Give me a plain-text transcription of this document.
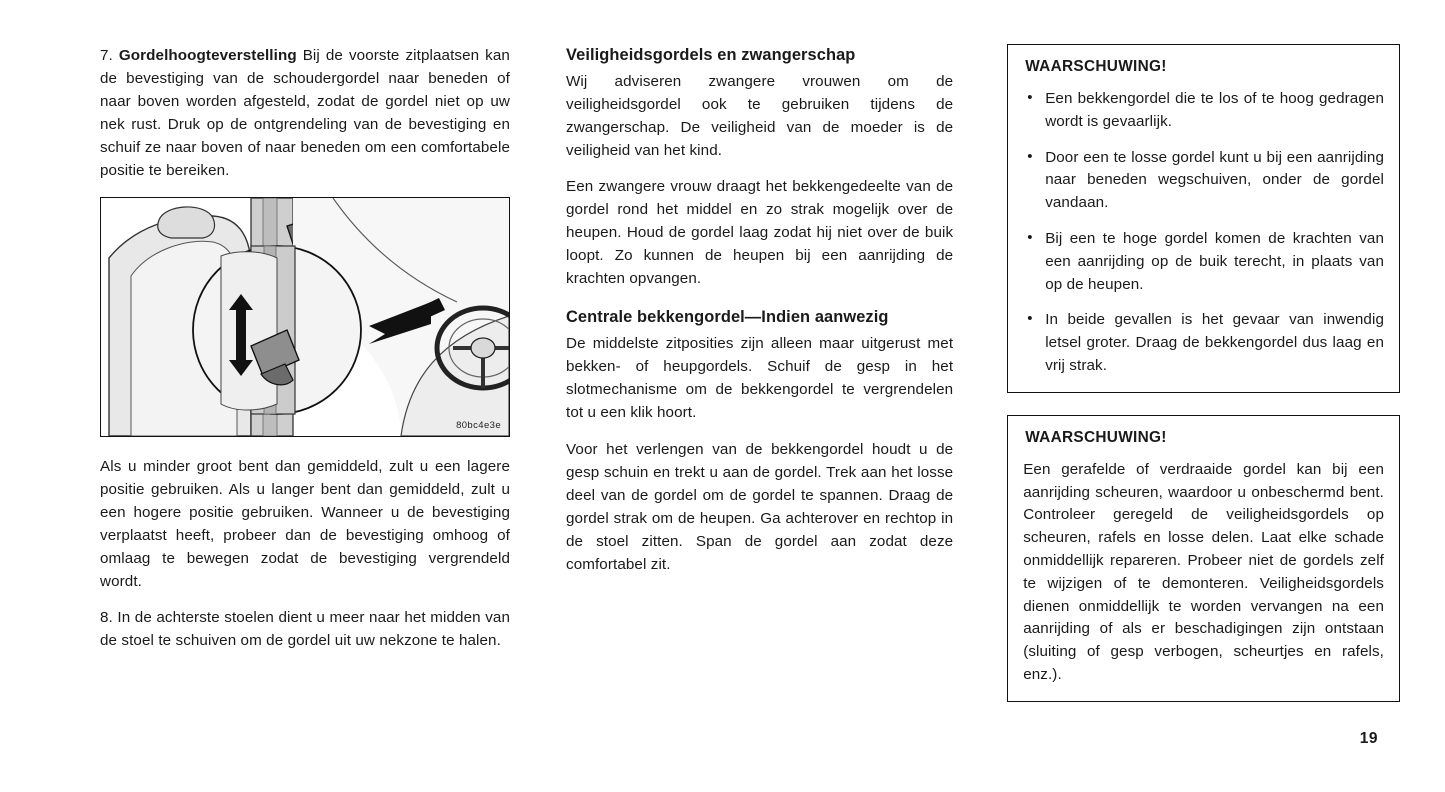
7. Gordelhoogteverstelling Bij de voorste zitplaatsen kan de bevestiging van de schoudergordel naar beneden of naar boven worden afgesteld, zodat de gordel niet op uw nek rust. Druk op de ontgrendeling van de bevestiging en schuif ze naar boven of naar beneden om een comfortabele positie te bereiken.

80bc4e3e

Als u minder groot bent dan gemiddeld, zult u een lagere positie gebruiken. Als u langer bent dan gemiddeld, zult u een hogere positie gebruiken. Wanneer u de bevestiging verplaatst heeft, probeer dan de bevestiging omhoog of omlaag te bewegen zodat de bevestiging vergrendeld wordt.

8. In de achterste stoelen dient u meer naar het midden van de stoel te schuiven om de gordel uit uw nekzone te halen.

Veiligheidsgordels en zwangerschap

Wij adviseren zwangere vrouwen om de veiligheidsgordel ook te gebruiken tijdens de zwangerschap. De veiligheid van de moeder is de veiligheid van het kind.

Een zwangere vrouw draagt het bekkengedeelte van de gordel rond het middel en zo strak mogelijk over de heupen. Houd de gordel laag zodat hij niet over de buik loopt. Zo kunnen de heupen bij een aanrijding de krachten opvangen.

Centrale bekkengordel—Indien aanwezig

De middelste zitposities zijn alleen maar uitgerust met bekken- of heupgordels. Schuif de gesp in het slotmechanisme om de bekkengordel te vergrendelen tot u een klik hoort.

Voor het verlengen van de bekkengordel houdt u de gesp schuin en trekt u aan de gordel. Trek aan het losse deel van de gordel om de gordel te spannen. Draag de gordel strak om de heupen. Ga achterover en rechtop in de stoel zitten. Span de gordel aan zodat deze comfortabel zit.

WAARSCHUWING!
• Een bekkengordel die te los of te hoog gedragen wordt is gevaarlijk.
• Door een te losse gordel kunt u bij een aanrijding naar beneden wegschuiven, onder de gordel vandaan.
• Bij een te hoge gordel komen de krachten van een aanrijding op de buik terecht, in plaats van op de heupen.
• In beide gevallen is het gevaar van inwendig letsel groter. Draag de bekkengordel dus laag en vrij strak.
WAARSCHUWING!

Een gerafelde of verdraaide gordel kan bij een aanrijding scheuren, waardoor u onbeschermd bent. Controleer geregeld de veiligheidsgordels op scheuren, rafels en losse delen. Laat elke schade onmiddellijk repareren. Probeer niet de gordels zelf te wijzigen of te demonteren. Veiligheidsgordels dienen onmiddellijk te worden vervangen na een aanrijding of als er beschadigingen zijn ontstaan (sluiting of gesp verbogen, scheurtjes en rafels, enz.).

19
